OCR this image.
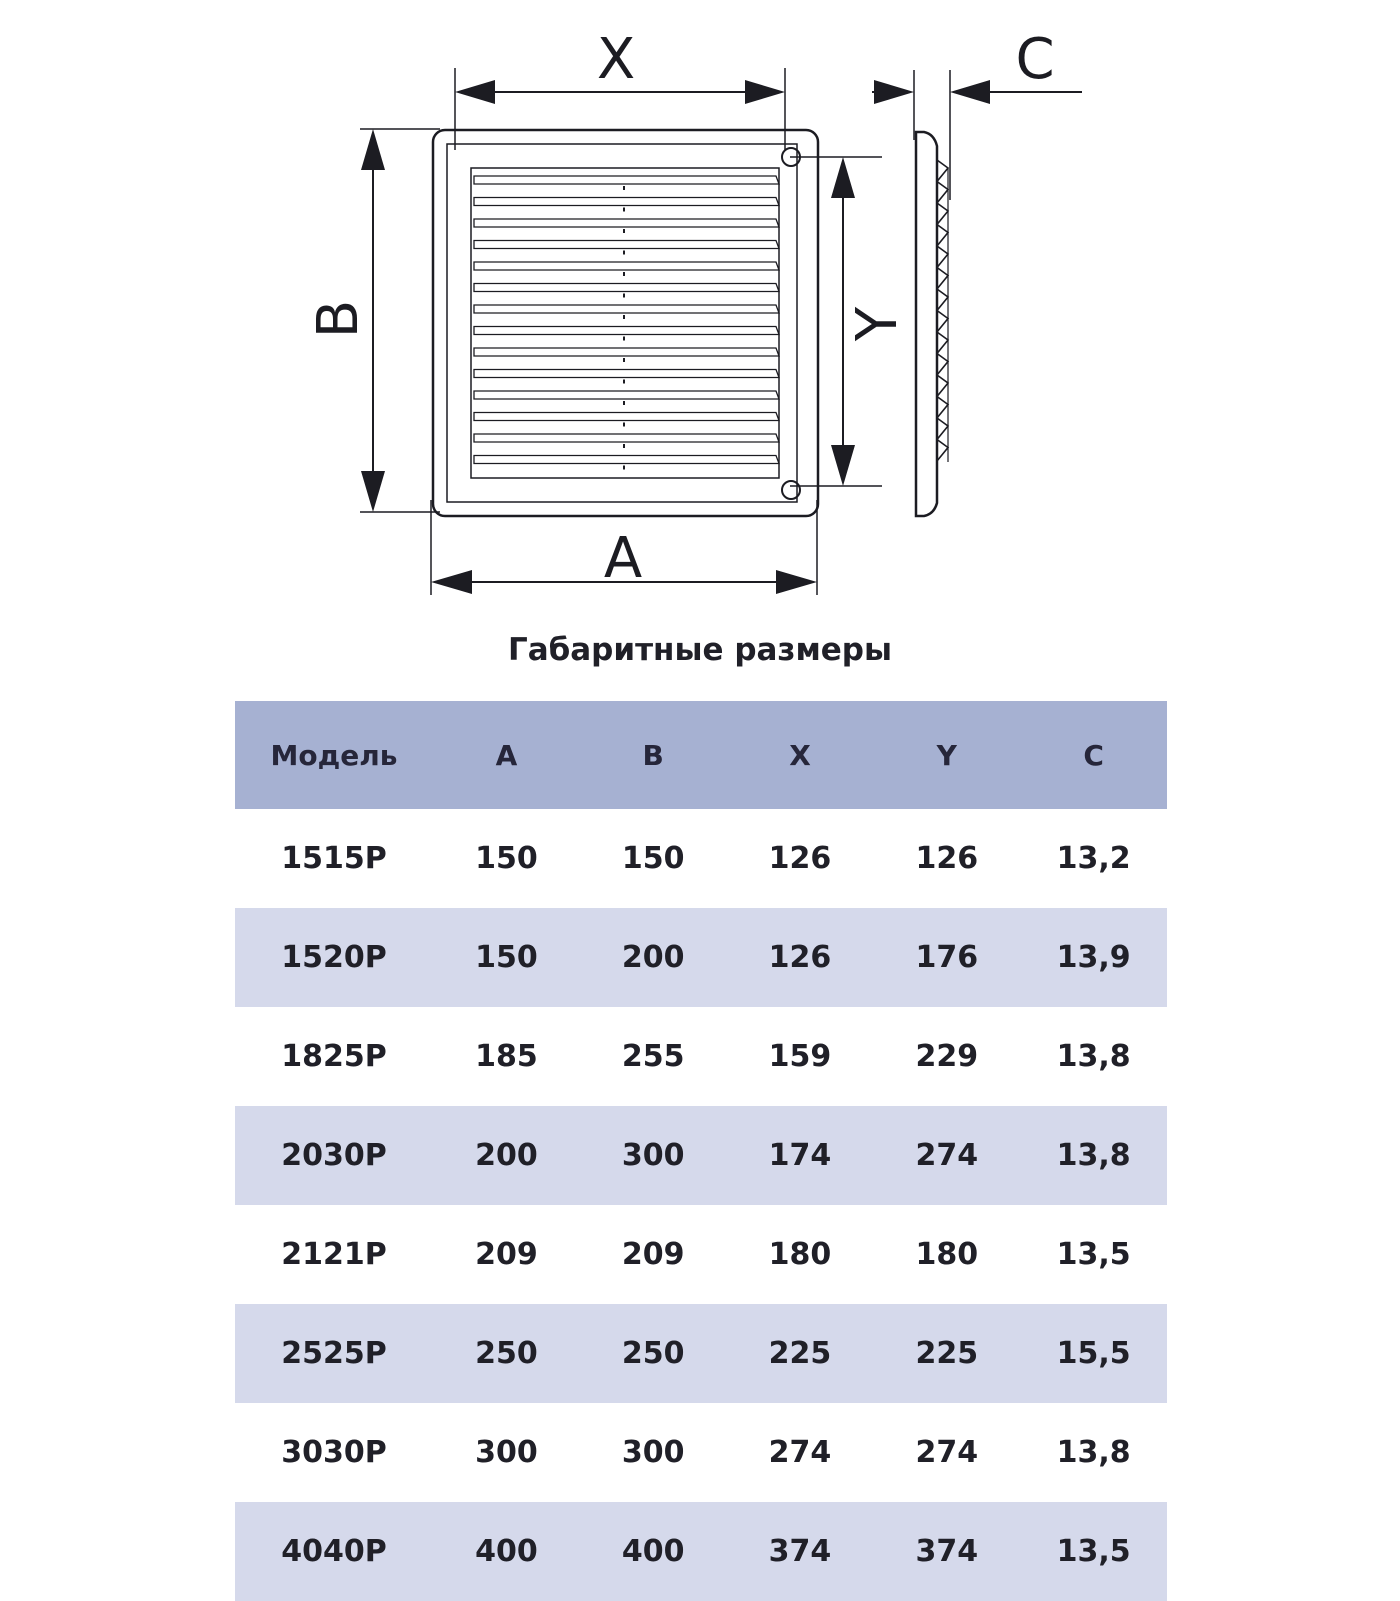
X
A
B	Y
C
Габаритные размеры
Модель	A	B	X	Y	C
1515P	150	150	126	126	13,2
1520P	150	200	126	176	13,9
1825P	185	255	159	229	13,8
2030P	200	300	174	274	13,8
2121P	209	209	180	180	13,5
2525P	250	250	225	225	15,5
3030P	300	300	274	274	13,8
4040P	400	400	374	374	13,5
